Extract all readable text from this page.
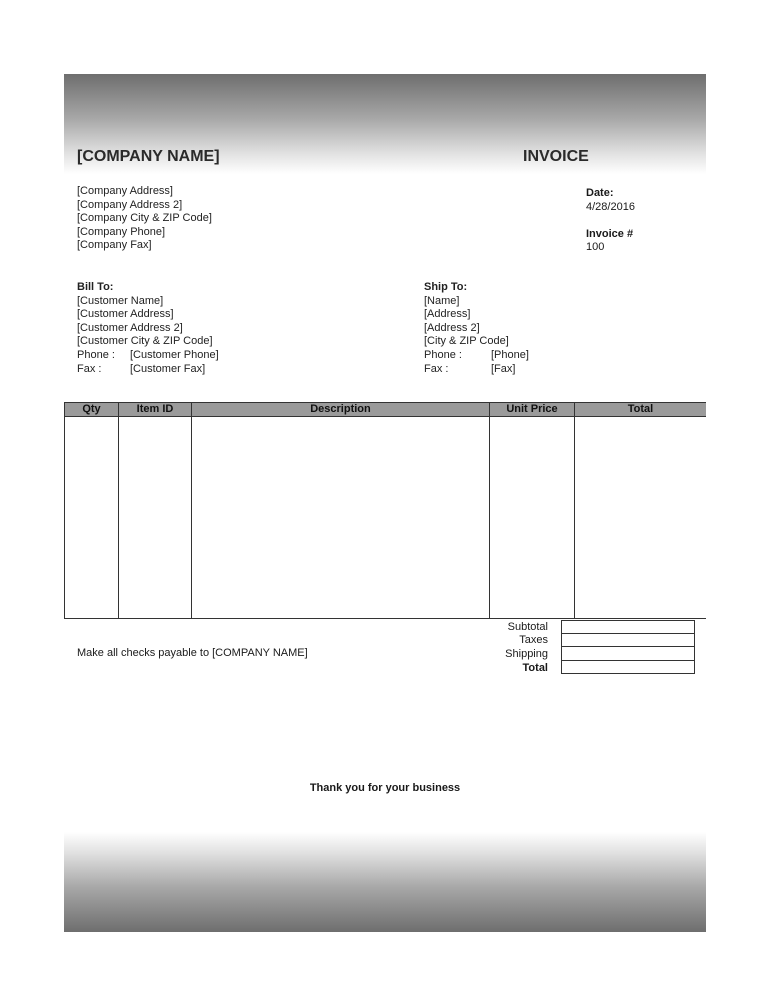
[COMPANY NAME]	INVOICE
[Company Address]
[Company Address 2]
[Company City & ZIP Code]
[Company Phone]
[Company Fax]
Date:
4/28/2016
Invoice #
100
Bill To:
[Customer Name]
[Customer Address]
[Customer Address 2]
[Customer City & ZIP Code]
Phone :	[Customer Phone]
Fax :	[Customer Fax]
Ship To:
[Name]
[Address]
[Address 2]
[City & ZIP Code]
Phone :	[Phone]
Fax :	[Fax]
Qty	Item ID	Description	Unit Price	Total

Subtotal
Taxes
Shipping
Total
Make all checks payable to [COMPANY NAME]
Thank you for your business
